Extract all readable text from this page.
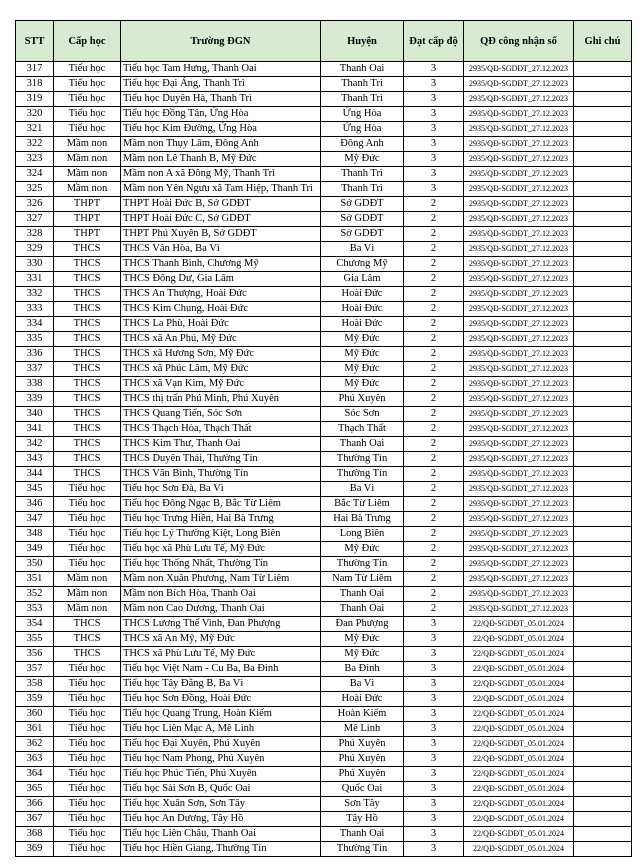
STT	Cấp học	Trường ĐGN	Huyện	Đạt cấp độ	QĐ công nhận số	Ghi chú
317	Tiểu học	Tiểu học Tam Hưng, Thanh Oai	Thanh Oai	3	2935/QĐ-SGDĐT_27.12.2023	
318	Tiểu học	Tiểu học Đại Áng, Thanh Trì	Thanh Trì	3	2935/QĐ-SGDĐT_27.12.2023	
319	Tiểu học	Tiểu học Duyên Hà, Thanh Trì	Thanh Trì	3	2935/QĐ-SGDĐT_27.12.2023	
320	Tiểu học	Tiểu học Đồng Tân, Ứng Hòa	Ứng Hòa	3	2935/QĐ-SGDĐT_27.12.2023	
321	Tiểu học	Tiểu học Kim Đường, Ứng Hòa	Ứng Hòa	3	2935/QĐ-SGDĐT_27.12.2023	
322	Mầm non	Mầm non Thụy Lâm, Đông Anh	Đông Anh	3	2935/QĐ-SGDĐT_27.12.2023	
323	Mầm non	Mầm non Lê Thanh B, Mỹ Đức	Mỹ Đức	3	2935/QĐ-SGDĐT_27.12.2023	
324	Mầm non	Mầm non A xã Đông Mỹ, Thanh Trì	Thanh Trì	3	2935/QĐ-SGDĐT_27.12.2023	
325	Mầm non	Mầm non Yên Ngưu xã Tam Hiệp, Thanh Trì	Thanh Trì	3	2935/QĐ-SGDĐT_27.12.2023	
326	THPT	THPT Hoài Đức B, Sở GDĐT	Sở GDĐT	2	2935/QĐ-SGDĐT_27.12.2023	
327	THPT	THPT Hoài Đức C, Sở GDĐT	Sở GDĐT	2	2935/QĐ-SGDĐT_27.12.2023	
328	THPT	THPT Phú Xuyên B, Sở GDĐT	Sở GDĐT	2	2935/QĐ-SGDĐT_27.12.2023	
329	THCS	THCS Vân Hòa, Ba Vì	Ba Vì	2	2935/QĐ-SGDĐT_27.12.2023	
330	THCS	THCS Thanh Bình, Chương Mỹ	Chương Mỹ	2	2935/QĐ-SGDĐT_27.12.2023	
331	THCS	THCS Đông Dư, Gia Lâm	Gia Lâm	2	2935/QĐ-SGDĐT_27.12.2023	
332	THCS	THCS An Thượng, Hoài Đức	Hoài Đức	2	2935/QĐ-SGDĐT_27.12.2023	
333	THCS	THCS Kim Chung, Hoài Đức	Hoài Đức	2	2935/QĐ-SGDĐT_27.12.2023	
334	THCS	THCS La Phù, Hoài Đức	Hoài Đức	2	2935/QĐ-SGDĐT_27.12.2023	
335	THCS	THCS xã An Phú, Mỹ Đức	Mỹ Đức	2	2935/QĐ-SGDĐT_27.12.2023	
336	THCS	THCS xã Hương Sơn, Mỹ Đức	Mỹ Đức	2	2935/QĐ-SGDĐT_27.12.2023	
337	THCS	THCS xã Phúc Lâm, Mỹ Đức	Mỹ Đức	2	2935/QĐ-SGDĐT_27.12.2023	
338	THCS	THCS xã Vạn Kim, Mỹ Đức	Mỹ Đức	2	2935/QĐ-SGDĐT_27.12.2023	
339	THCS	THCS thị trấn Phú Minh, Phú Xuyên	Phú Xuyên	2	2935/QĐ-SGDĐT_27.12.2023	
340	THCS	THCS Quang Tiến, Sóc Sơn	Sóc Sơn	2	2935/QĐ-SGDĐT_27.12.2023	
341	THCS	THCS Thạch Hòa, Thạch Thất	Thạch Thất	2	2935/QĐ-SGDĐT_27.12.2023	
342	THCS	THCS Kim Thư, Thanh Oai	Thanh Oai	2	2935/QĐ-SGDĐT_27.12.2023	
343	THCS	THCS Duyên Thái, Thường Tín	Thường Tín	2	2935/QĐ-SGDĐT_27.12.2023	
344	THCS	THCS Văn Bình, Thường Tín	Thường Tín	2	2935/QĐ-SGDĐT_27.12.2023	
345	Tiểu học	Tiểu học Sơn Đà, Ba Vì	Ba Vì	2	2935/QĐ-SGDĐT_27.12.2023	
346	Tiểu học	Tiểu học Đông Ngạc B, Bắc Từ Liêm	Bắc Từ Liêm	2	2935/QĐ-SGDĐT_27.12.2023	
347	Tiểu học	Tiểu học Trưng Hiền, Hai Bà Trưng	Hai Bà Trưng	2	2935/QĐ-SGDĐT_27.12.2023	
348	Tiểu học	Tiểu học Lý Thường Kiệt, Long Biên	Long Biên	2	2935/QĐ-SGDĐT_27.12.2023	
349	Tiểu học	Tiểu học xã Phù Lưu Tế, Mỹ Đức	Mỹ Đức	2	2935/QĐ-SGDĐT_27.12.2023	
350	Tiểu học	Tiểu học Thống Nhất, Thường Tín	Thường Tín	2	2935/QĐ-SGDĐT_27.12.2023	
351	Mầm non	Mầm non Xuân Phương, Nam Từ Liêm	Nam Từ Liêm	2	2935/QĐ-SGDĐT_27.12.2023	
352	Mầm non	Mầm non Bích Hòa, Thanh Oai	Thanh Oai	2	2935/QĐ-SGDĐT_27.12.2023	
353	Mầm non	Mầm non Cao Dương, Thanh Oai	Thanh Oai	2	2935/QĐ-SGDĐT_27.12.2023	
354	THCS	THCS Lương Thế Vinh, Đan Phượng	Đan Phượng	3	22/QĐ-SGDĐT_05.01.2024	
355	THCS	THCS xã An Mỹ, Mỹ Đức	Mỹ Đức	3	22/QĐ-SGDĐT_05.01.2024	
356	THCS	THCS xã Phù Lưu Tế, Mỹ Đức	Mỹ Đức	3	22/QĐ-SGDĐT_05.01.2024	
357	Tiểu học	Tiểu học Việt Nam - Cu Ba, Ba Đình	Ba Đình	3	22/QĐ-SGDĐT_05.01.2024	
358	Tiểu học	Tiểu học Tây Đằng B, Ba Vì	Ba Vì	3	22/QĐ-SGDĐT_05.01.2024	
359	Tiểu học	Tiểu học Sơn Đồng, Hoài Đức	Hoài Đức	3	22/QĐ-SGDĐT_05.01.2024	
360	Tiểu học	Tiểu học Quang Trung, Hoàn Kiếm	Hoàn Kiếm	3	22/QĐ-SGDĐT_05.01.2024	
361	Tiểu học	Tiểu học Liên Mạc A, Mê Linh	Mê Linh	3	22/QĐ-SGDĐT_05.01.2024	
362	Tiểu học	Tiểu học Đại Xuyên, Phú Xuyên	Phú Xuyên	3	22/QĐ-SGDĐT_05.01.2024	
363	Tiểu học	Tiểu học Nam Phong, Phú Xuyên	Phú Xuyên	3	22/QĐ-SGDĐT_05.01.2024	
364	Tiểu học	Tiểu học Phúc Tiến, Phú Xuyên	Phú Xuyên	3	22/QĐ-SGDĐT_05.01.2024	
365	Tiểu học	Tiểu học Sài Sơn B, Quốc Oai	Quốc Oai	3	22/QĐ-SGDĐT_05.01.2024	
366	Tiểu học	Tiểu học Xuân Sơn, Sơn Tây	Sơn Tây	3	22/QĐ-SGDĐT_05.01.2024	
367	Tiểu học	Tiểu học An Dương, Tây Hồ	Tây Hồ	3	22/QĐ-SGDĐT_05.01.2024	
368	Tiểu học	Tiểu học Liên Châu, Thanh Oai	Thanh Oai	3	22/QĐ-SGDĐT_05.01.2024	
369	Tiểu học	Tiểu học Hiền Giang, Thường Tín	Thường Tín	3	22/QĐ-SGDĐT_05.01.2024	
